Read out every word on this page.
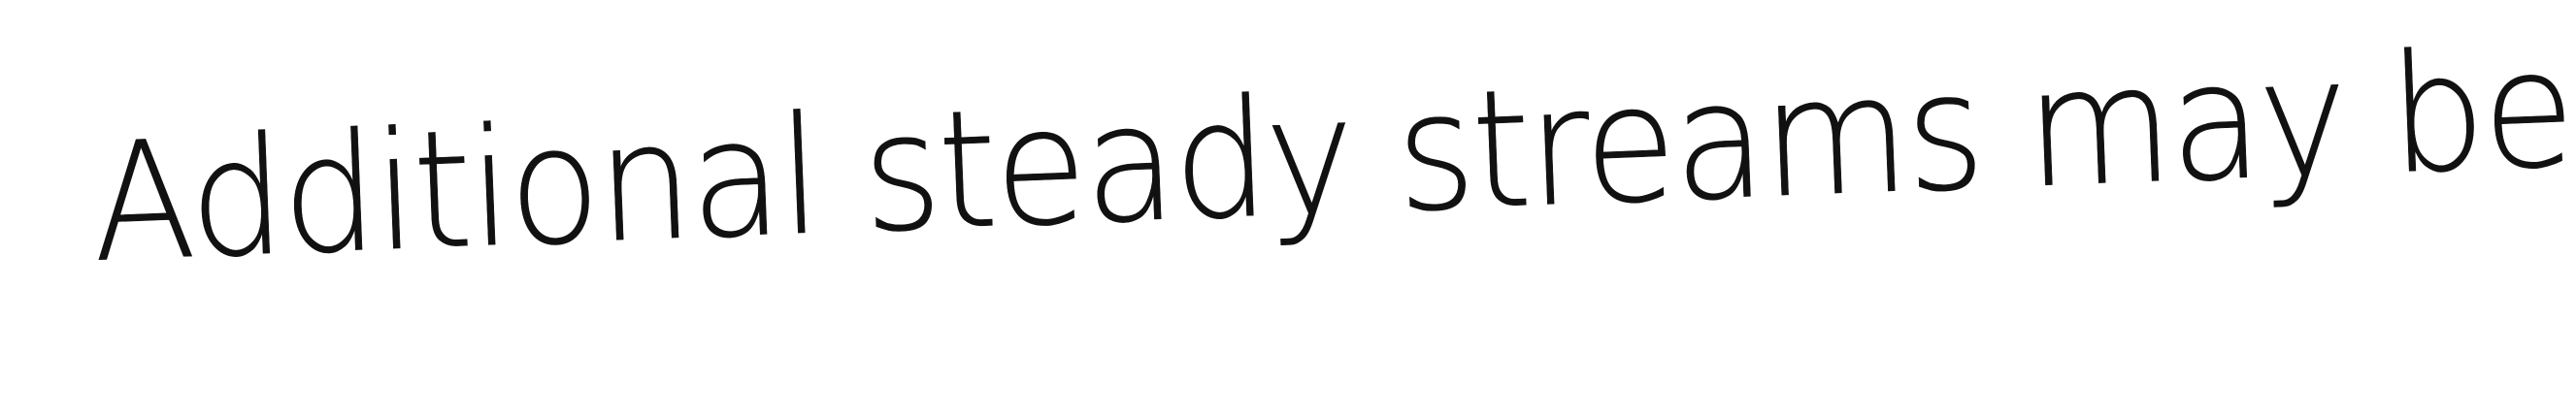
Additional steady streams may be
